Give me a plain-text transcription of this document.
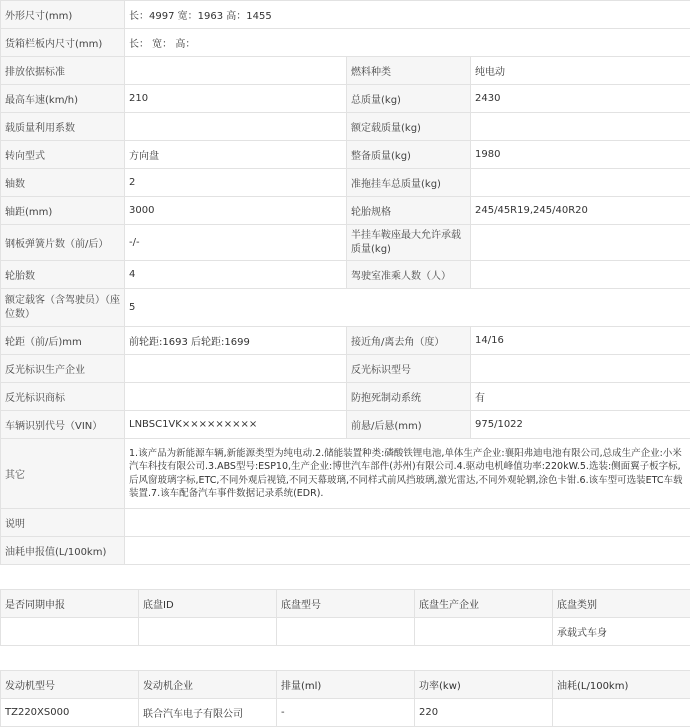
外形尺寸(mm)	长：4997 宽：1963 高：1455		
货箱栏板内尺寸(mm)	长： 宽： 高：		
排放依据标准		燃料种类	纯电动
最高车速(km/h)	210	总质量(kg)	2430
载质量利用系数		额定载质量(kg)	
转向型式	方向盘	整备质量(kg)	1980
轴数	2	准拖挂车总质量(kg)	
轴距(mm)	3000	轮胎规格	245/45R19,245/40R20
钢板弹簧片数（前/后）	-/-	半挂车鞍座最大允许承载质量(kg)	
轮胎数	4	驾驶室准乘人数（人）	
额定载客（含驾驶员）（座位数）	5		
轮距（前/后)mm	前轮距:1693 后轮距:1699	接近角/离去角（度）	14/16
反光标识生产企业		反光标识型号	
反光标识商标		防抱死制动系统	有
车辆识别代号（VIN）	LNBSC1VK×××××××××	前悬/后悬(mm)	975/1022
其它	1.该产品为新能源车辆,新能源类型为纯电动.2.储能装置种类:磷酸铁锂电池,单体生产企业:襄阳弗迪电池有限公司,总成生产企业:小米汽车科技有限公司.3.ABS型号:ESP10,生产企业:博世汽车部件(苏州)有限公司.4.驱动电机峰值功率:220kW.5.选装:侧面翼子板字标,后风窗玻璃字标,ETC,不同外观后视镜,不同天幕玻璃,不同样式前风挡玻璃,激光雷达,不同外观轮辋,涂色卡钳.6.该车型可选装ETC车载装置.7.该车配备汽车事件数据记录系统(EDR).		
说明			
油耗申报值(L/100km)			
是否同期申报	底盘ID	底盘型号	底盘生产企业	底盘类别
				承载式车身
发动机型号	发动机企业	排量(ml)	功率(kw)	油耗(L/100km)
TZ220XS000	联合汽车电子有限公司	-	220	
